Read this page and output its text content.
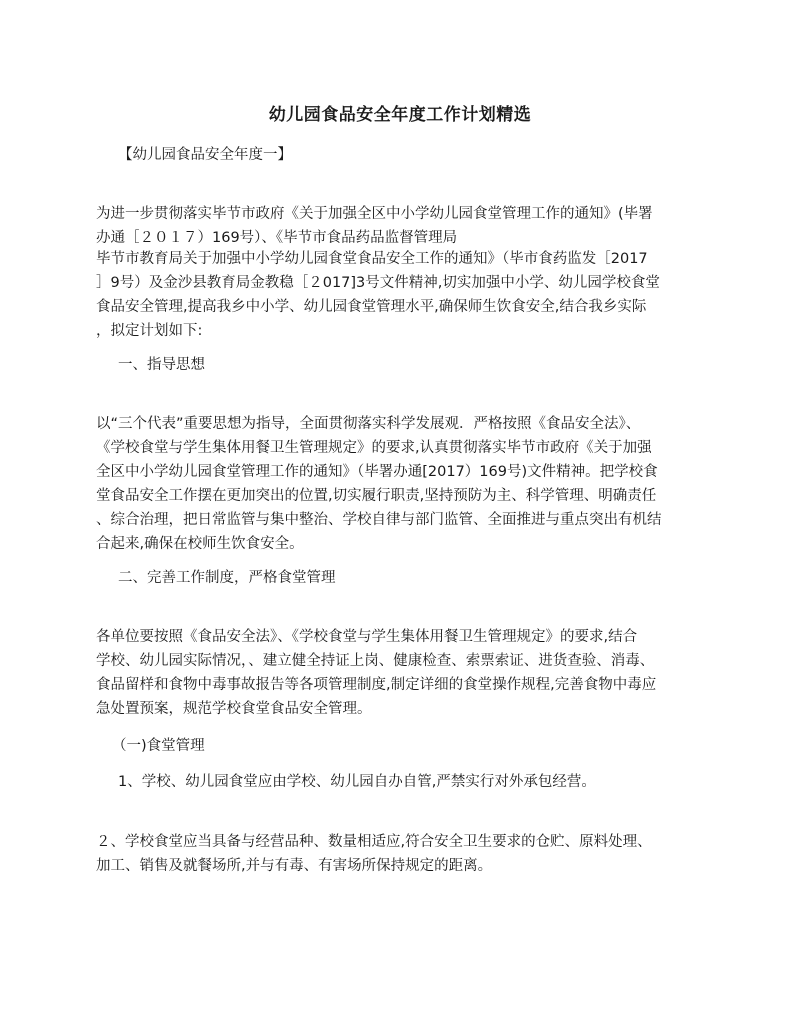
幼儿园食品安全年度工作计划精选
【幼儿园食品安全年度一】
为进一步贯彻落实毕节市政府《关于加强全区中小学幼儿园食堂管理工作的通知》(毕署
办通［２０１７）169号）、《毕节市食品药品监督管理局
毕节市教育局关于加强中小学幼儿园食堂食品安全工作的通知》（毕市食药监发［2017
］9号）及金沙县教育局金教稳［２017]3号文件精神,切实加强中小学、幼儿园学校食堂
食品安全管理,提高我乡中小学、幼儿园食堂管理水平,确保师生饮食安全,结合我乡实际
，拟定计划如下:
一、指导思想
以“三个代表”重要思想为指导，全面贯彻落实科学发展观．严格按照《食品安全法》、
《学校食堂与学生集体用餐卫生管理规定》的要求,认真贯彻落实毕节市政府《关于加强
全区中小学幼儿园食堂管理工作的通知》（毕署办通[2017）169号)文件精神。把学校食
堂食品安全工作摆在更加突出的位置,切实履行职责,坚持预防为主、科学管理、明确责任
、综合治理，把日常监管与集中整治、学校自律与部门监管、全面推进与重点突出有机结
合起来,确保在校师生饮食安全。
二、完善工作制度，严格食堂管理
各单位要按照《食品安全法》、《学校食堂与学生集体用餐卫生管理规定》的要求,结合
学校、幼儿园实际情况，、建立健全持证上岗、健康检查、索票索证、进货查验、消毒、
食品留样和食物中毒事故报告等各项管理制度,制定详细的食堂操作规程,完善食物中毒应
急处置预案，规范学校食堂食品安全管理。
（一)食堂管理
1、学校、幼儿园食堂应由学校、幼儿园自办自管,严禁实行对外承包经营。
２、学校食堂应当具备与经营品种、数量相适应,符合安全卫生要求的仓贮、原料处理、
加工、销售及就餐场所,并与有毒、有害场所保持规定的距离。
